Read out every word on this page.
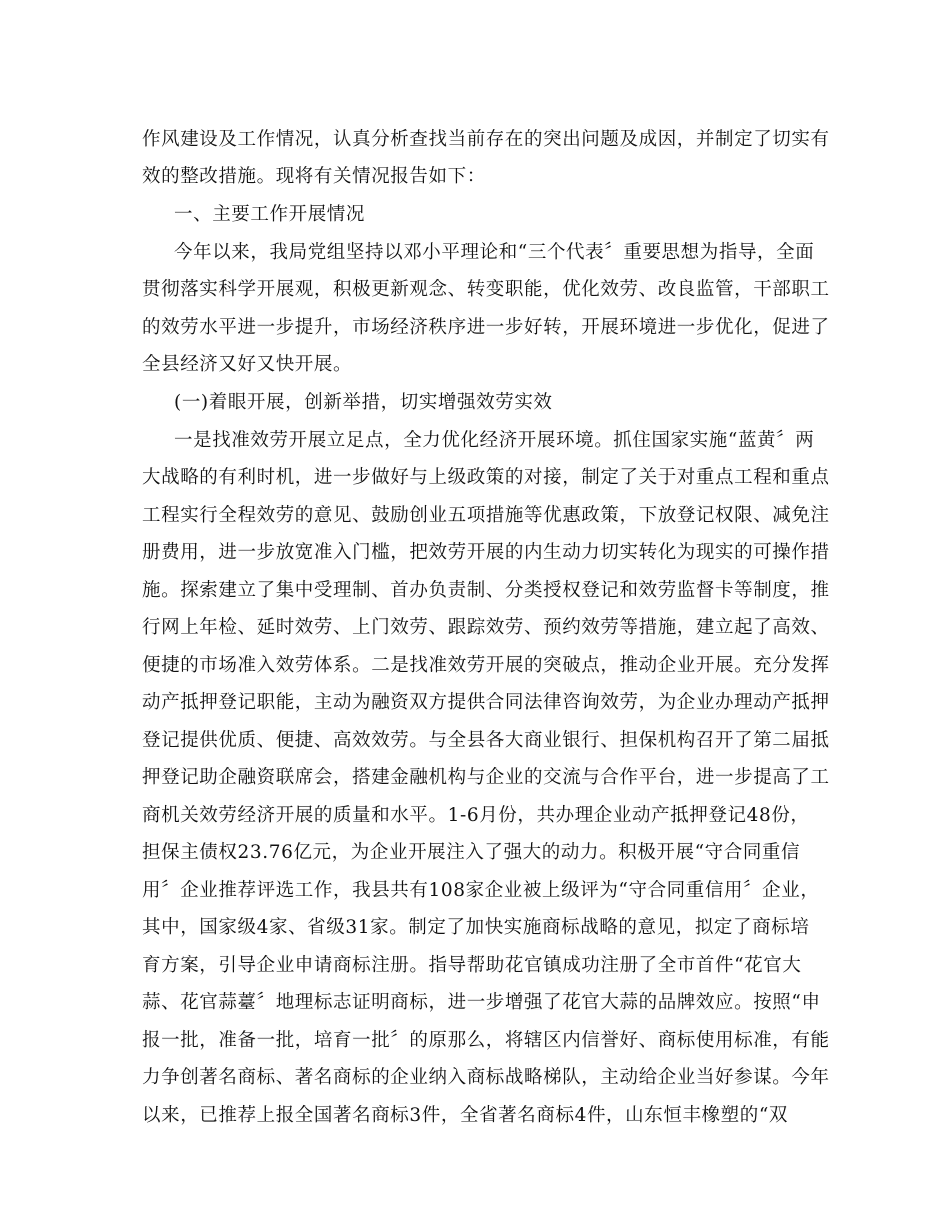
作风建设及工作情况，认真分析查找当前存在的突出问题及成因，并制定了切实有
效的整改措施。现将有关情况报告如下：
一、主要工作开展情况
今年以来，我局党组坚持以邓小平理论和“三个代表〞重要思想为指导，全面
贯彻落实科学开展观，积极更新观念、转变职能，优化效劳、改良监管，干部职工
的效劳水平进一步提升，市场经济秩序进一步好转，开展环境进一步优化，促进了
全县经济又好又快开展。
(一)着眼开展，创新举措，切实增强效劳实效
一是找准效劳开展立足点，全力优化经济开展环境。抓住国家实施“蓝黄〞两
大战略的有利时机，进一步做好与上级政策的对接，制定了关于对重点工程和重点
工程实行全程效劳的意见、鼓励创业五项措施等优惠政策，下放登记权限、减免注
册费用，进一步放宽准入门槛，把效劳开展的内生动力切实转化为现实的可操作措
施。探索建立了集中受理制、首办负责制、分类授权登记和效劳监督卡等制度，推
行网上年检、延时效劳、上门效劳、跟踪效劳、预约效劳等措施，建立起了高效、
便捷的市场准入效劳体系。二是找准效劳开展的突破点，推动企业开展。充分发挥
动产抵押登记职能，主动为融资双方提供合同法律咨询效劳，为企业办理动产抵押
登记提供优质、便捷、高效效劳。与全县各大商业银行、担保机构召开了第二届抵
押登记助企融资联席会，搭建金融机构与企业的交流与合作平台，进一步提高了工
商机关效劳经济开展的质量和水平。1-6月份，共办理企业动产抵押登记48份，
担保主债权23.76亿元，为企业开展注入了强大的动力。积极开展“守合同重信
用〞企业推荐评选工作，我县共有108家企业被上级评为“守合同重信用〞企业，
其中，国家级4家、省级31家。制定了加快实施商标战略的意见，拟定了商标培
育方案，引导企业申请商标注册。指导帮助花官镇成功注册了全市首件“花官大
蒜、花官蒜薹〞地理标志证明商标，进一步增强了花官大蒜的品牌效应。按照“申
报一批，准备一批，培育一批〞的原那么，将辖区内信誉好、商标使用标准，有能
力争创著名商标、著名商标的企业纳入商标战略梯队，主动给企业当好参谋。今年
以来，已推荐上报全国著名商标3件，全省著名商标4件，山东恒丰橡塑的“双
